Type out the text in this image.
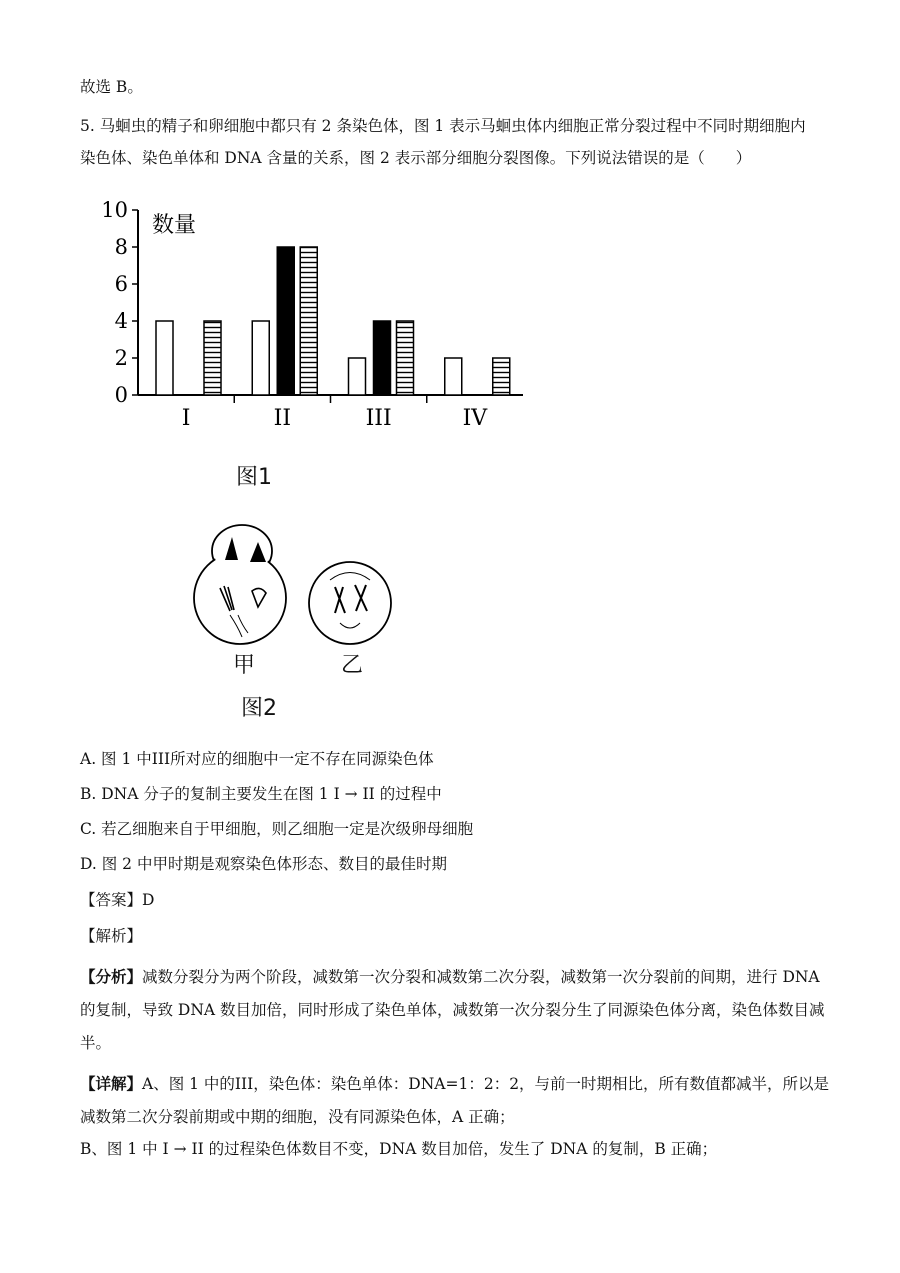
故选 B。
5. 马蛔虫的精子和卵细胞中都只有 2 条染色体，图 1 表示马蛔虫体内细胞正常分裂过程中不同时期细胞内
染色体、染色单体和 DNA 含量的关系，图 2 表示部分细胞分裂图像。下列说法错误的是（　　）
0
2
4
6
8
10
I	II	III	IV
数量
图1
甲	乙
图2
A. 图 1 中III所对应的细胞中一定不存在同源染色体
B. DNA 分子的复制主要发生在图 1 I → II 的过程中
C. 若乙细胞来自于甲细胞，则乙细胞一定是次级卵母细胞
D. 图 2 中甲时期是观察染色体形态、数目的最佳时期
【答案】D
【解析】
【分析】减数分裂分为两个阶段，减数第一次分裂和减数第二次分裂，减数第一次分裂前的间期，进行 DNA 的复制，导致 DNA 数目加倍，同时形成了染色单体，减数第一次分裂分生了同源染色体分离，染色体数目减半。
【详解】A、图 1 中的III，染色体：染色单体：DNA=1：2：2，与前一时期相比，所有数值都减半，所以是减数第二次分裂前期或中期的细胞，没有同源染色体，A 正确；
B、图 1 中 I → II 的过程染色体数目不变，DNA 数目加倍，发生了 DNA 的复制，B 正确；
